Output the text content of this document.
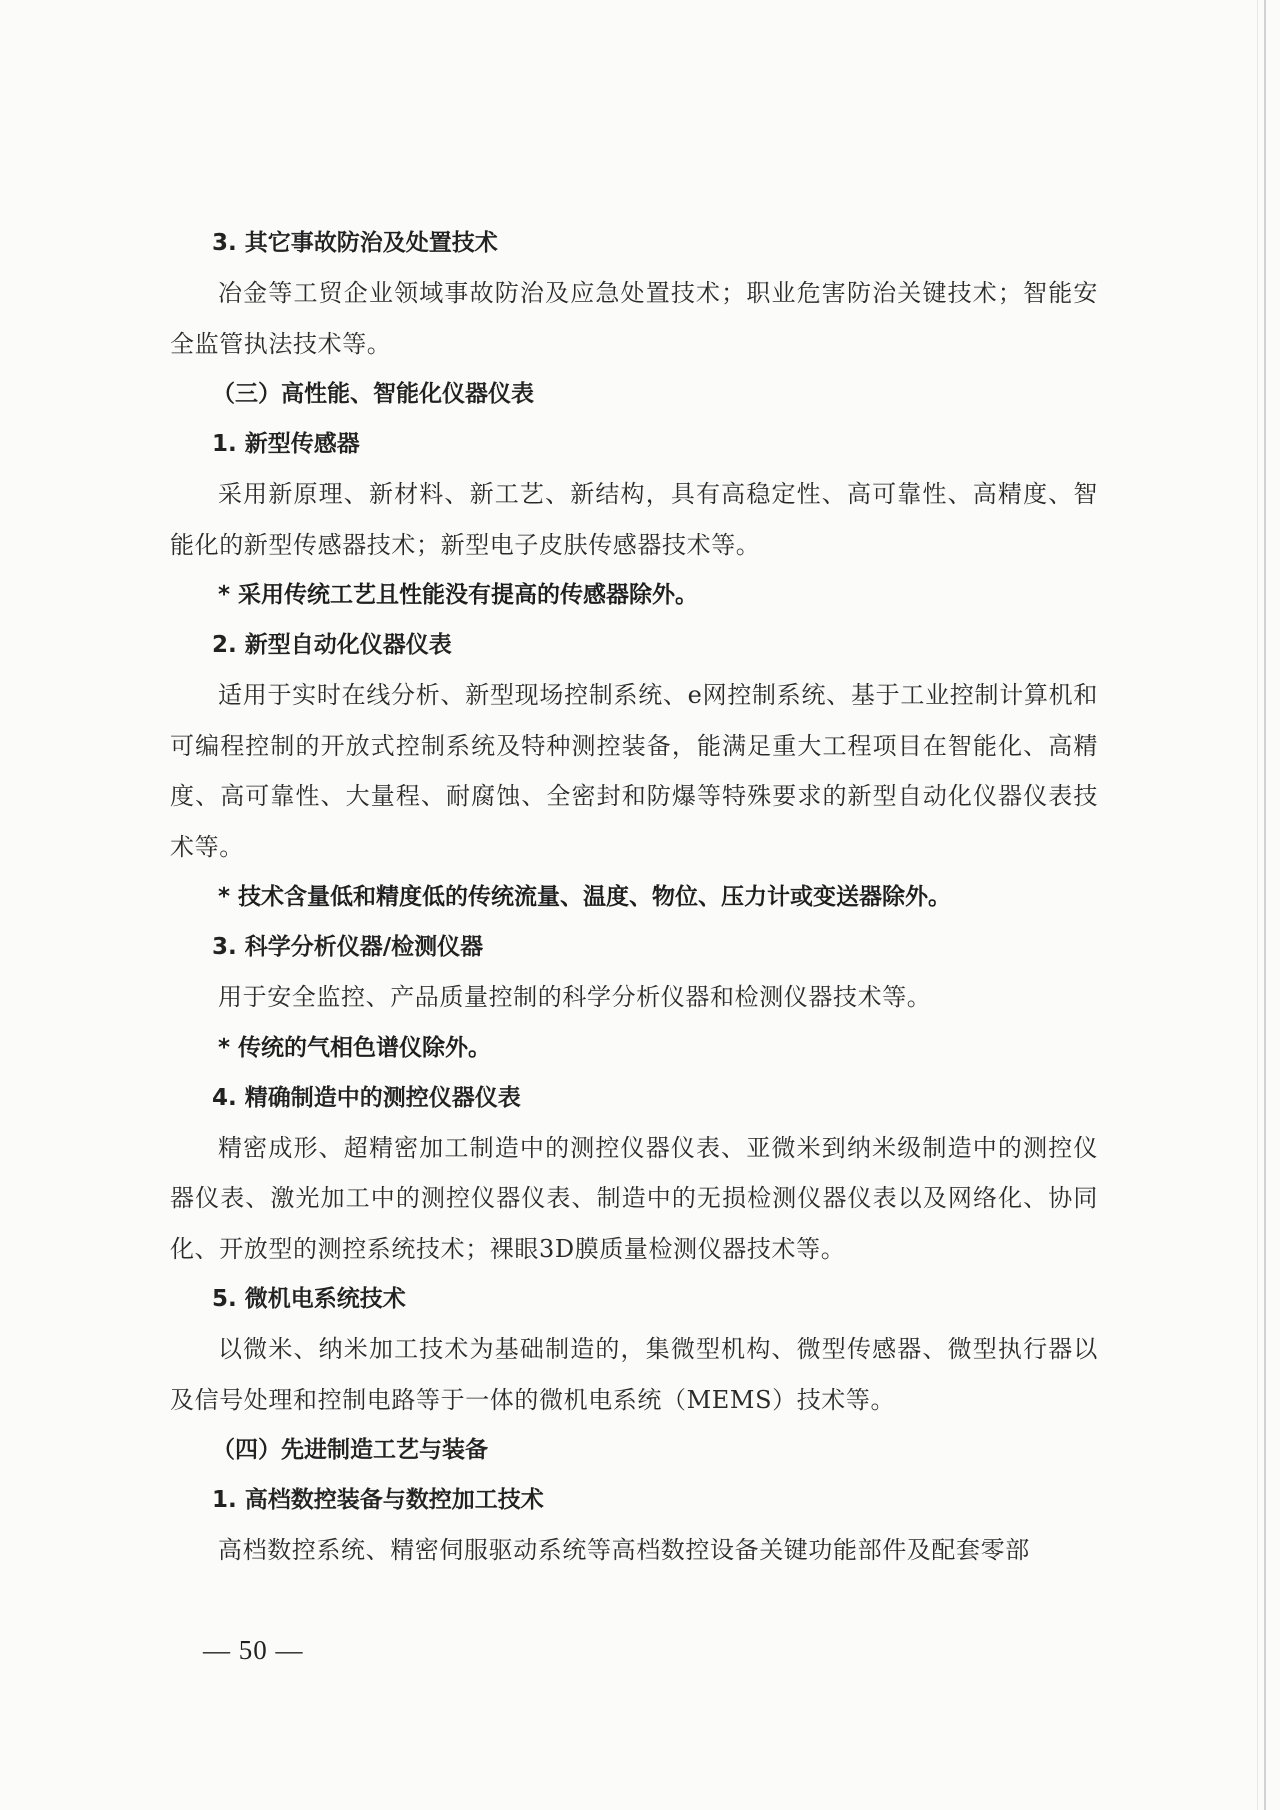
3. 其它事故防治及处置技术

冶金等工贸企业领域事故防治及应急处置技术；职业危害防治关键技术；智能安全监管执法技术等。

（三）高性能、智能化仪器仪表
1. 新型传感器

采用新原理、新材料、新工艺、新结构，具有高稳定性、高可靠性、高精度、智能化的新型传感器技术；新型电子皮肤传感器技术等。

* 采用传统工艺且性能没有提高的传感器除外。
2. 新型自动化仪器仪表

适用于实时在线分析、新型现场控制系统、e网控制系统、基于工业控制计算机和可编程控制的开放式控制系统及特种测控装备，能满足重大工程项目在智能化、高精度、高可靠性、大量程、耐腐蚀、全密封和防爆等特殊要求的新型自动化仪器仪表技术等。

* 技术含量低和精度低的传统流量、温度、物位、压力计或变送器除外。
3. 科学分析仪器/检测仪器

用于安全监控、产品质量控制的科学分析仪器和检测仪器技术等。

* 传统的气相色谱仪除外。
4. 精确制造中的测控仪器仪表

精密成形、超精密加工制造中的测控仪器仪表、亚微米到纳米级制造中的测控仪器仪表、激光加工中的测控仪器仪表、制造中的无损检测仪器仪表以及网络化、协同化、开放型的测控系统技术；裸眼3D膜质量检测仪器技术等。

5. 微机电系统技术

以微米、纳米加工技术为基础制造的，集微型机构、微型传感器、微型执行器以及信号处理和控制电路等于一体的微机电系统（MEMS）技术等。

（四）先进制造工艺与装备
1. 高档数控装备与数控加工技术

高档数控系统、精密伺服驱动系统等高档数控设备关键功能部件及配套零部

— 50 —
